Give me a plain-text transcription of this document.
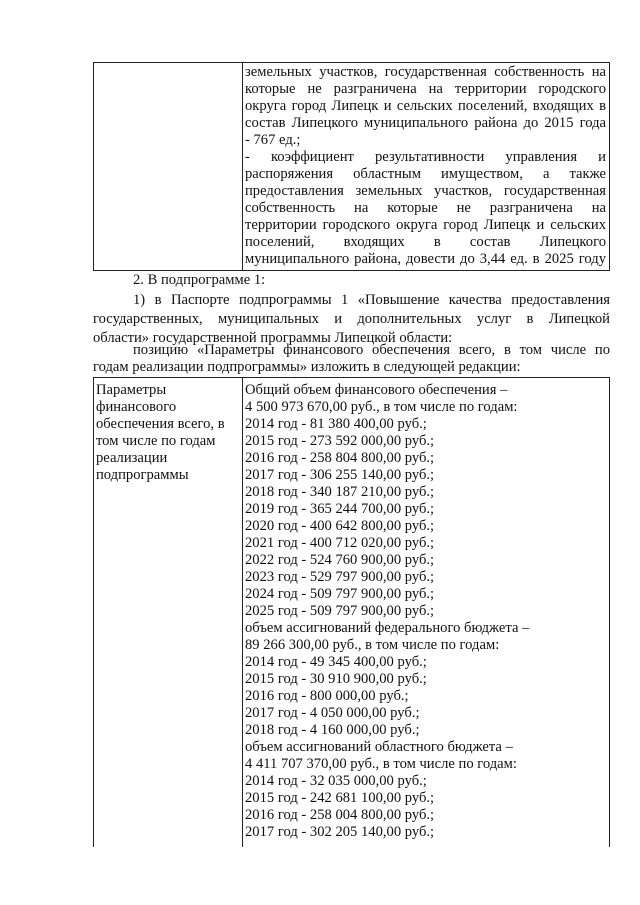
земельных участков, государственная собственность на
которые не разграничена на территории городского
округа город Липецк и сельских поселений, входящих в
состав Липецкого муниципального района до 2015 года
- 767 ед.;
- коэффициент результативности управления и
распоряжения областным имуществом, а также
предоставления земельных участков, государственная
собственность на которые не разграничена на
территории городского округа город Липецк и сельских
поселений, входящих в состав Липецкого
муниципального района, довести до 3,44 ед. в 2025 году
2. В подпрограмме 1:
1) в Паспорте подпрограммы 1 «Повышение качества предоставления
государственных, муниципальных и дополнительных услуг в Липецкой
области» государственной программы Липецкой области:
позицию «Параметры финансового обеспечения всего, в том числе по
годам реализации подпрограммы» изложить в следующей редакции:
Параметры
финансового
обеспечения всего, в
том числе по годам
реализации
подпрограммы
Общий объем финансового обеспечения –
4 500 973 670,00 руб., в том числе по годам:
2014 год - 81 380 400,00 руб.;
2015 год - 273 592 000,00 руб.;
2016 год - 258 804 800,00 руб.;
2017 год - 306 255 140,00 руб.;
2018 год - 340 187 210,00 руб.;
2019 год - 365 244 700,00 руб.;
2020 год - 400 642 800,00 руб.;
2021 год - 400 712 020,00 руб.;
2022 год - 524 760 900,00 руб.;
2023 год - 529 797 900,00 руб.;
2024 год - 509 797 900,00 руб.;
2025 год - 509 797 900,00 руб.;
объем ассигнований федерального бюджета –
89 266 300,00 руб., в том числе по годам:
2014 год - 49 345 400,00 руб.;
2015 год - 30 910 900,00 руб.;
2016 год - 800 000,00 руб.;
2017 год - 4 050 000,00 руб.;
2018 год - 4 160 000,00 руб.;
объем ассигнований областного бюджета –
4 411 707 370,00 руб., в том числе по годам:
2014 год - 32 035 000,00 руб.;
2015 год - 242 681 100,00 руб.;
2016 год - 258 004 800,00 руб.;
2017 год - 302 205 140,00 руб.;
